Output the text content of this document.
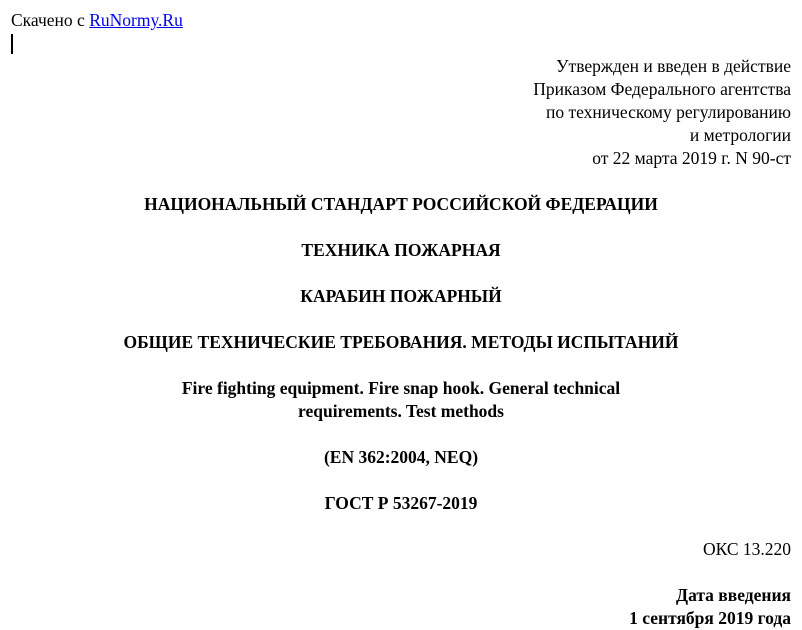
Скачено с RuNormy.Ru
Утвержден и введен в действие
Приказом Федерального агентства
по техническому регулированию
и метрологии
от 22 марта 2019 г. N 90-ст
НАЦИОНАЛЬНЫЙ СТАНДАРТ РОССИЙСКОЙ ФЕДЕРАЦИИ
ТЕХНИКА ПОЖАРНАЯ
КАРАБИН ПОЖАРНЫЙ
ОБЩИЕ ТЕХНИЧЕСКИЕ ТРЕБОВАНИЯ. МЕТОДЫ ИСПЫТАНИЙ
Fire fighting equipment. Fire snap hook. General technical
requirements. Test methods
(EN 362:2004, NEQ)
ГОСТ Р 53267-2019
ОКС 13.220
Дата введения
1 сентября 2019 года
